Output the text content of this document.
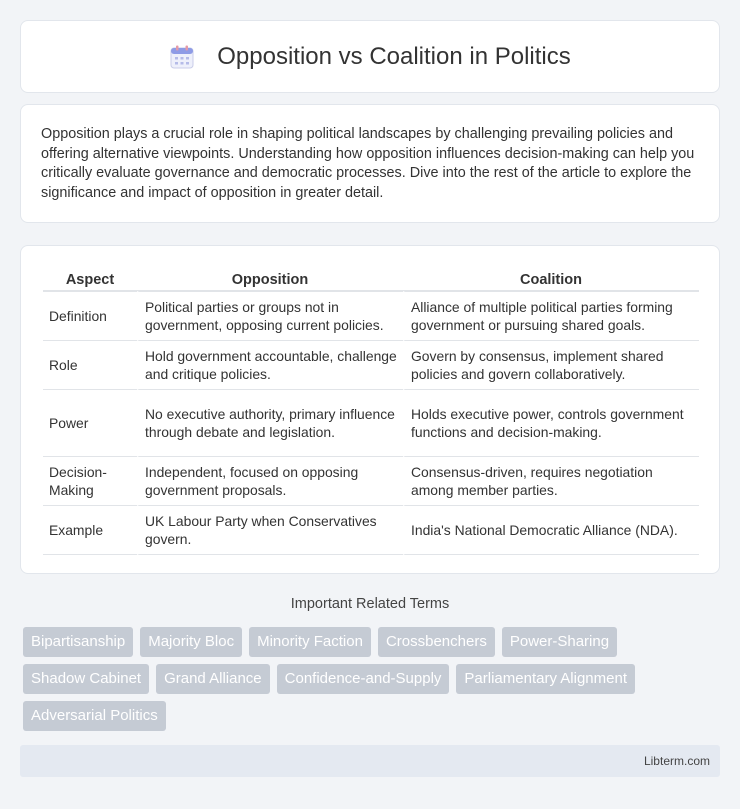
Opposition vs Coalition in Politics

Opposition plays a crucial role in shaping political landscapes by challenging prevailing policies and offering alternative viewpoints. Understanding how opposition influences decision-making can help you critically evaluate governance and democratic processes. Dive into the rest of the article to explore the significance and impact of opposition in greater detail.

Aspect	Opposition	Coalition
Definition	Political parties or groups not in government, opposing current policies.	Alliance of multiple political parties forming government or pursuing shared goals.
Role	Hold government accountable, challenge and critique policies.	Govern by consensus, implement shared policies and govern collaboratively.
Power	No executive authority, primary influence through debate and legislation.	Holds executive power, controls government functions and decision-making.
Decision-Making	Independent, focused on opposing government proposals.	Consensus-driven, requires negotiation among member parties.
Example	UK Labour Party when Conservatives govern.	India's National Democratic Alliance (NDA).
Important Related Terms
Bipartisanship	Majority Bloc	Minority Faction	Crossbenchers	Power-Sharing
Shadow Cabinet	Grand Alliance	Confidence-and-Supply	Parliamentary Alignment
Adversarial Politics
Libterm.com
